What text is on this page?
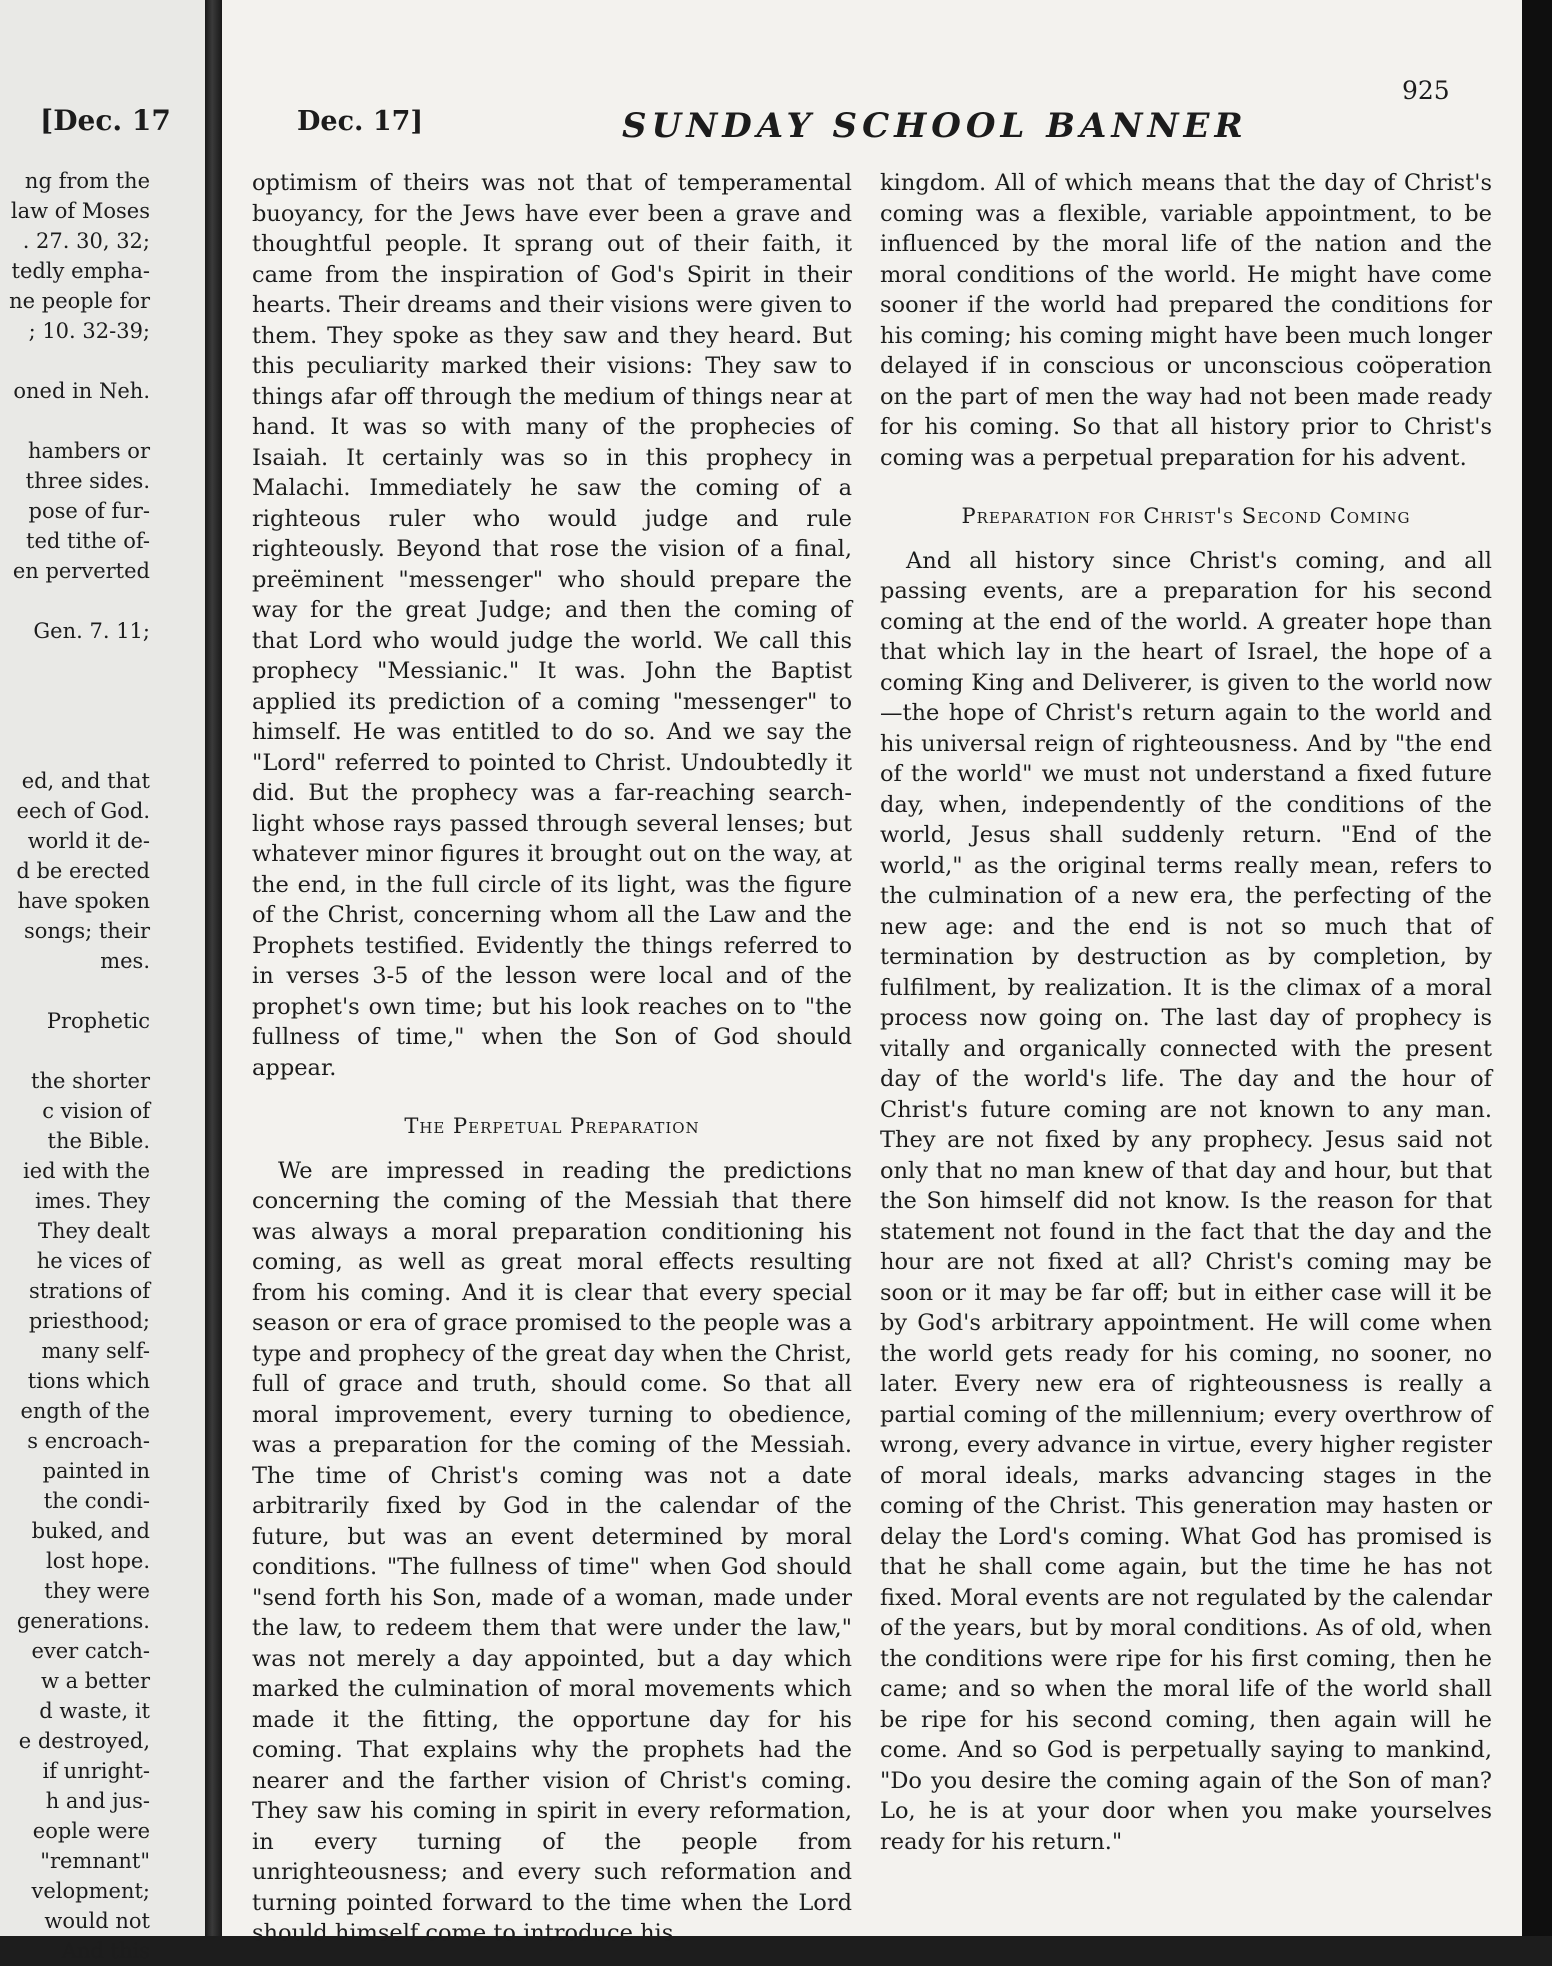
[Dec. 17
ng from the
law of Moses
. 27. 30, 32;
tedly empha-
ne people for
; 10. 32-39;
oned in Neh.
hambers or
three sides.
pose of fur-
ted tithe of-
en perverted
Gen. 7. 11;
ed, and that
eech of God.
world it de-
d be erected
have spoken
songs; their
mes.
Prophetic
the shorter
c vision of
the Bible.
ied with the
imes. They
They dealt
he vices of
strations of
priesthood;
many self-
tions which
ength of the
s encroach-
painted in
the condi-
buked, and
lost hope.
they were
generations.
ever catch-
w a better
d waste, it
e destroyed,
if unright-
h and jus-
eople were
"remnant"
velopment;
would not
And this
Dec. 17]	SUNDAY SCHOOL BANNER
925

optimism of theirs was not that of temperamental buoyancy, for the Jews have ever been a grave and thoughtful people. It sprang out of their faith, it came from the inspiration of God's Spirit in their hearts. Their dreams and their visions were given to them. They spoke as they saw and they heard. But this peculiarity marked their visions: They saw to things afar off through the medium of things near at hand. It was so with many of the prophecies of Isaiah. It certainly was so in this prophecy in Malachi. Immediately he saw the coming of a righteous ruler who would judge and rule righteously. Beyond that rose the vision of a final, preëminent "messenger" who should prepare the way for the great Judge; and then the coming of that Lord who would judge the world. We call this prophecy "Messianic." It was. John the Baptist applied its prediction of a coming "messenger" to himself. He was entitled to do so. And we say the "Lord" referred to pointed to Christ. Undoubtedly it did. But the prophecy was a far-reaching search-light whose rays passed through several lenses; but whatever minor figures it brought out on the way, at the end, in the full circle of its light, was the figure of the Christ, concerning whom all the Law and the Prophets testified. Evidently the things referred to in verses 3-5 of the lesson were local and of the prophet's own time; but his look reaches on to "the fullness of time," when the Son of God should appear.

The Perpetual Preparation

We are impressed in reading the predictions concerning the coming of the Messiah that there was always a moral preparation conditioning his coming, as well as great moral effects resulting from his coming. And it is clear that every special season or era of grace promised to the people was a type and prophecy of the great day when the Christ, full of grace and truth, should come. So that all moral improvement, every turning to obedience, was a preparation for the coming of the Messiah. The time of Christ's coming was not a date arbitrarily fixed by God in the calendar of the future, but was an event determined by moral conditions. "The fullness of time" when God should "send forth his Son, made of a woman, made under the law, to redeem them that were under the law," was not merely a day appointed, but a day which marked the culmination of moral movements which made it the fitting, the opportune day for his coming. That explains why the prophets had the nearer and the farther vision of Christ's coming. They saw his coming in spirit in every reformation, in every turning of the people from unrighteousness; and every such reformation and turning pointed forward to the time when the Lord should himself come to introduce his

kingdom. All of which means that the day of Christ's coming was a flexible, variable appointment, to be influenced by the moral life of the nation and the moral conditions of the world. He might have come sooner if the world had prepared the conditions for his coming; his coming might have been much longer delayed if in conscious or unconscious coöperation on the part of men the way had not been made ready for his coming. So that all history prior to Christ's coming was a perpetual preparation for his advent.

Preparation for Christ's Second Coming

And all history since Christ's coming, and all passing events, are a preparation for his second coming at the end of the world. A greater hope than that which lay in the heart of Israel, the hope of a coming King and Deliverer, is given to the world now—the hope of Christ's return again to the world and his universal reign of righteousness. And by "the end of the world" we must not understand a fixed future day, when, independently of the conditions of the world, Jesus shall suddenly return. "End of the world," as the original terms really mean, refers to the culmination of a new era, the perfecting of the new age: and the end is not so much that of termination by destruction as by completion, by fulfilment, by realization. It is the climax of a moral process now going on. The last day of prophecy is vitally and organically connected with the present day of the world's life. The day and the hour of Christ's future coming are not known to any man. They are not fixed by any prophecy. Jesus said not only that no man knew of that day and hour, but that the Son himself did not know. Is the reason for that statement not found in the fact that the day and the hour are not fixed at all? Christ's coming may be soon or it may be far off; but in either case will it be by God's arbitrary appointment. He will come when the world gets ready for his coming, no sooner, no later. Every new era of righteousness is really a partial coming of the millennium; every overthrow of wrong, every advance in virtue, every higher register of moral ideals, marks advancing stages in the coming of the Christ. This generation may hasten or delay the Lord's coming. What God has promised is that he shall come again, but the time he has not fixed. Moral events are not regulated by the calendar of the years, but by moral conditions. As of old, when the conditions were ripe for his first coming, then he came; and so when the moral life of the world shall be ripe for his second coming, then again will he come. And so God is perpetually saying to mankind, "Do you desire the coming again of the Son of man? Lo, he is at your door when you make yourselves ready for his return."
